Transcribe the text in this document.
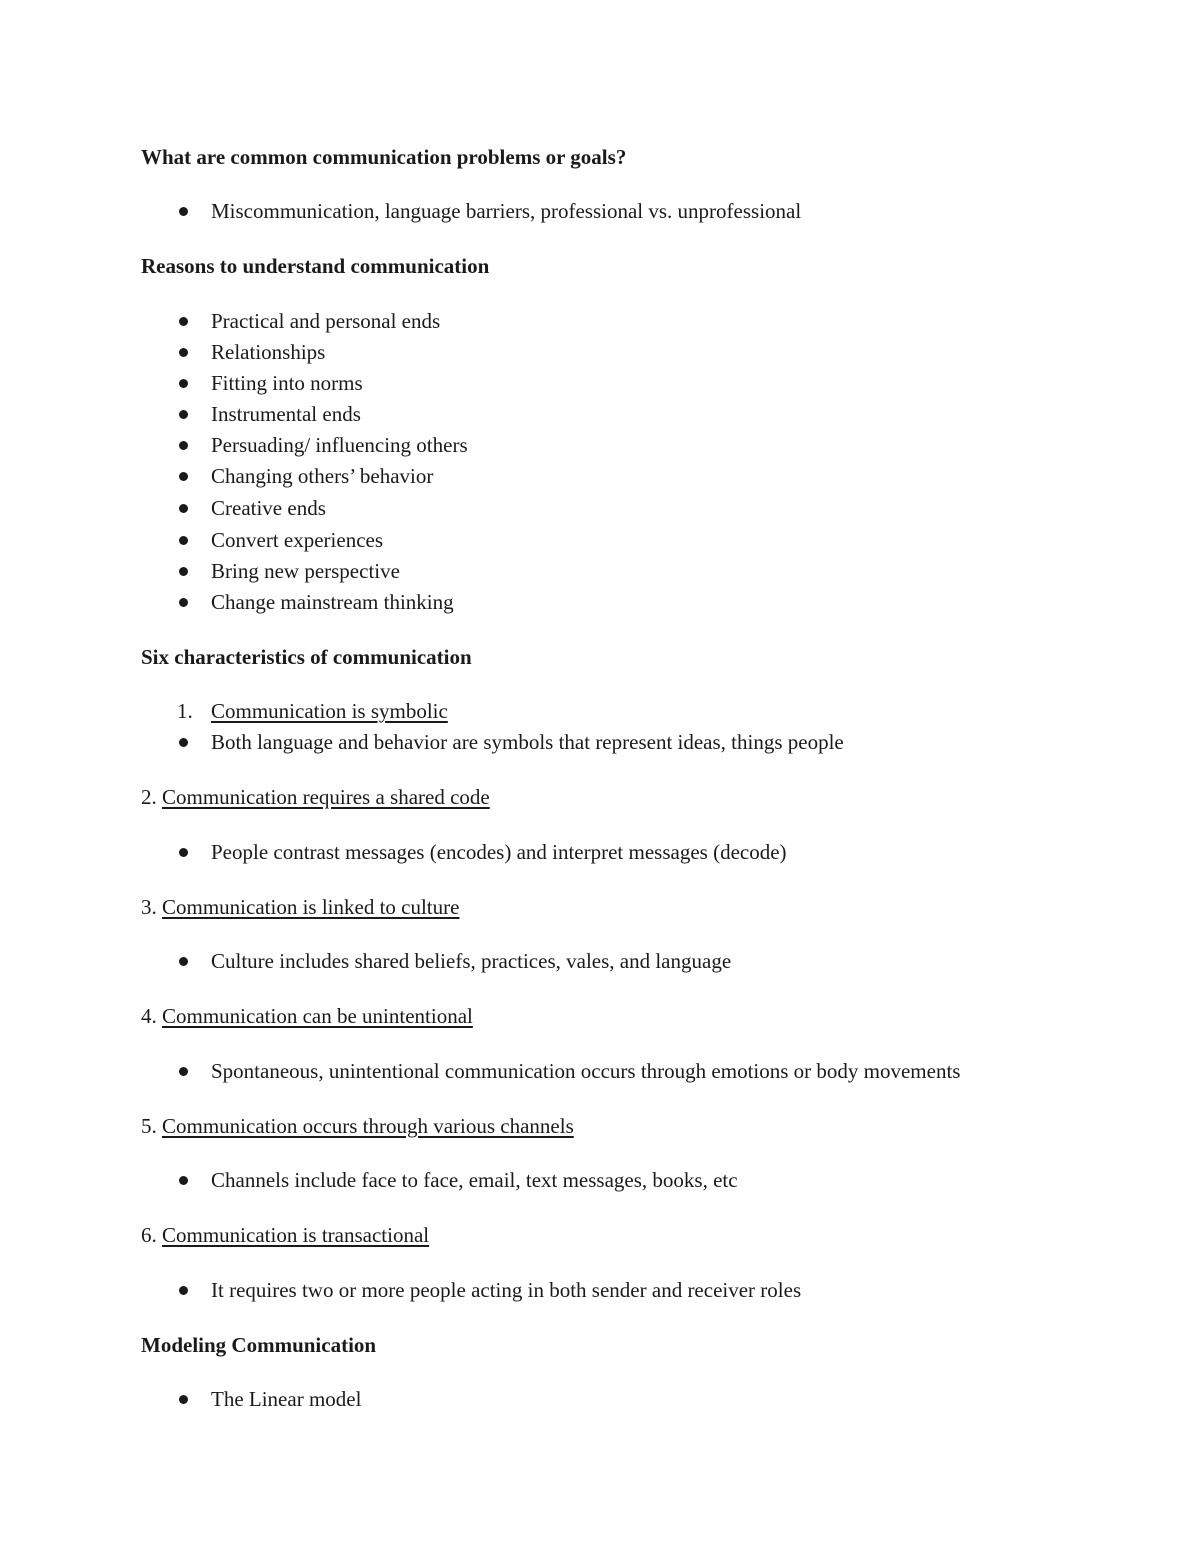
What are common communication problems or goals?
Miscommunication, language barriers, professional vs. unprofessional
Reasons to understand communication
Practical and personal ends
Relationships
Fitting into norms
Instrumental ends
Persuading/ influencing others
Changing others’ behavior
Creative ends
Convert experiences
Bring new perspective
Change mainstream thinking
Six characteristics of communication
1. Communication is symbolic
Both language and behavior are symbols that represent ideas, things people
2. Communication requires a shared code
People contrast messages (encodes) and interpret messages (decode)
3. Communication is linked to culture
Culture includes shared beliefs, practices, vales, and language
4. Communication can be unintentional
Spontaneous, unintentional communication occurs through emotions or body movements
5. Communication occurs through various channels
Channels include face to face, email, text messages, books, etc
6. Communication is transactional
It requires two or more people acting in both sender and receiver roles
Modeling Communication
The Linear model
